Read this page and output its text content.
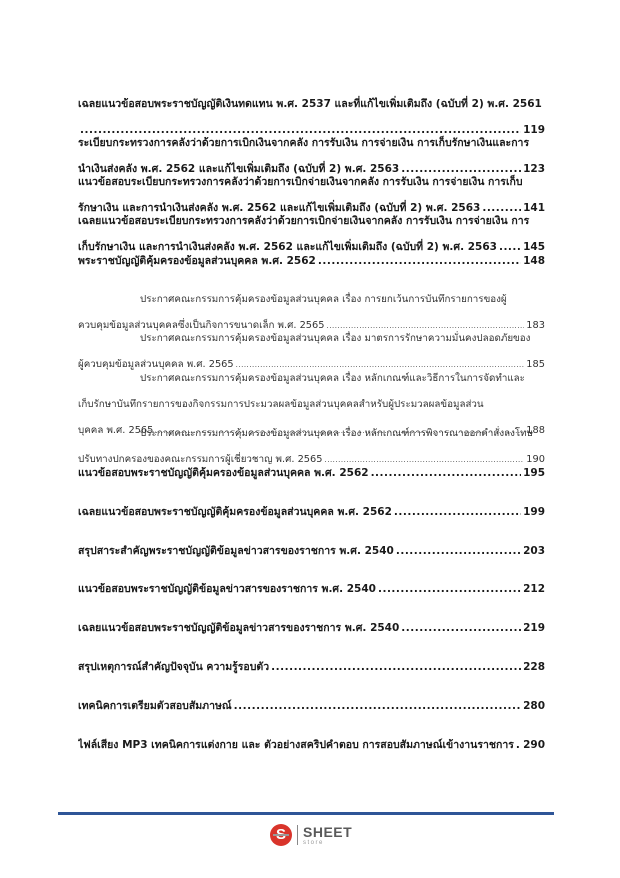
เฉลยแนวข้อสอบพระราชบัญญัติเงินทดแทน พ.ศ. 2537 และที่แก้ไขเพิ่มเติมถึง (ฉบับที่ 2) พ.ศ. 2561
.....
119
ระเบียบกระทรวงการคลังว่าด้วยการเบิกเงินจากคลัง การรับเงิน การจ่ายเงิน การเก็บรักษาเงินและการ
นำเงินส่งคลัง พ.ศ. 2562 และแก้ไขเพิ่มเติมถึง (ฉบับที่ 2) พ.ศ. 2563 .....	123
แนวข้อสอบระเบียบกระทรวงการคลังว่าด้วยการเบิกจ่ายเงินจากคลัง การรับเงิน การจ่ายเงิน การเก็บ
รักษาเงิน และการนำเงินส่งคลัง พ.ศ. 2562 และแก้ไขเพิ่มเติมถึง (ฉบับที่ 2) พ.ศ. 2563 .....	141
เฉลยแนวข้อสอบระเบียบกระทรวงการคลังว่าด้วยการเบิกจ่ายเงินจากคลัง การรับเงิน การจ่ายเงิน การ
เก็บรักษาเงิน และการนำเงินส่งคลัง พ.ศ. 2562 และแก้ไขเพิ่มเติมถึง (ฉบับที่ 2) พ.ศ. 2563 ..... 145
พระราชบัญญัติคุ้มครองข้อมูลส่วนบุคคล พ.ศ. 2562 .....	148
ประกาศคณะกรรมการคุ้มครองข้อมูลส่วนบุคคล เรื่อง การยกเว้นการบันทึกรายการของผู้
ควบคุมข้อมูลส่วนบุคคลซึ่งเป็นกิจการขนาดเล็ก พ.ศ. 2565 .....	183
ประกาศคณะกรรมการคุ้มครองข้อมูลส่วนบุคคล เรื่อง มาตรการรักษาความมั่นคงปลอดภัยของ
ผู้ควบคุมข้อมูลส่วนบุคคล พ.ศ. 2565 .....	185
ประกาศคณะกรรมการคุ้มครองข้อมูลส่วนบุคคล เรื่อง หลักเกณฑ์และวิธีการในการจัดทำและ
เก็บรักษาบันทึกรายการของกิจกรรมการประมวลผลข้อมูลส่วนบุคคลสำหรับผู้ประมวลผลข้อมูลส่วน
บุคคล พ.ศ. 2565 .....	188
ประกาศคณะกรรมการคุ้มครองข้อมูลส่วนบุคคล เรื่อง หลักเกณฑ์การพิจารณาออกคำสั่งลงโทษ
ปรับทางปกครองของคณะกรรมการผู้เชี่ยวชาญ พ.ศ. 2565 .....	190
แนวข้อสอบพระราชบัญญัติคุ้มครองข้อมูลส่วนบุคคล พ.ศ. 2562 .....	195
เฉลยแนวข้อสอบพระราชบัญญัติคุ้มครองข้อมูลส่วนบุคคล พ.ศ. 2562 .....	199
สรุปสาระสำคัญพระราชบัญญัติข้อมูลข่าวสารของราชการ พ.ศ. 2540 .....	203
แนวข้อสอบพระราชบัญญัติข้อมูลข่าวสารของราชการ พ.ศ. 2540 .....	212
เฉลยแนวข้อสอบพระราชบัญญัติข้อมูลข่าวสารของราชการ พ.ศ. 2540 .....	219
สรุปเหตุการณ์สำคัญปัจจุบัน ความรู้รอบตัว .....	228
เทคนิคการเตรียมตัวสอบสัมภาษณ์ .....	280
ไฟล์เสียง MP3 เทคนิคการแต่งกาย และ ตัวอย่างสคริปคำตอบ การสอบสัมภาษณ์เข้างานราชการ ..... 290
S
SHEET
store
